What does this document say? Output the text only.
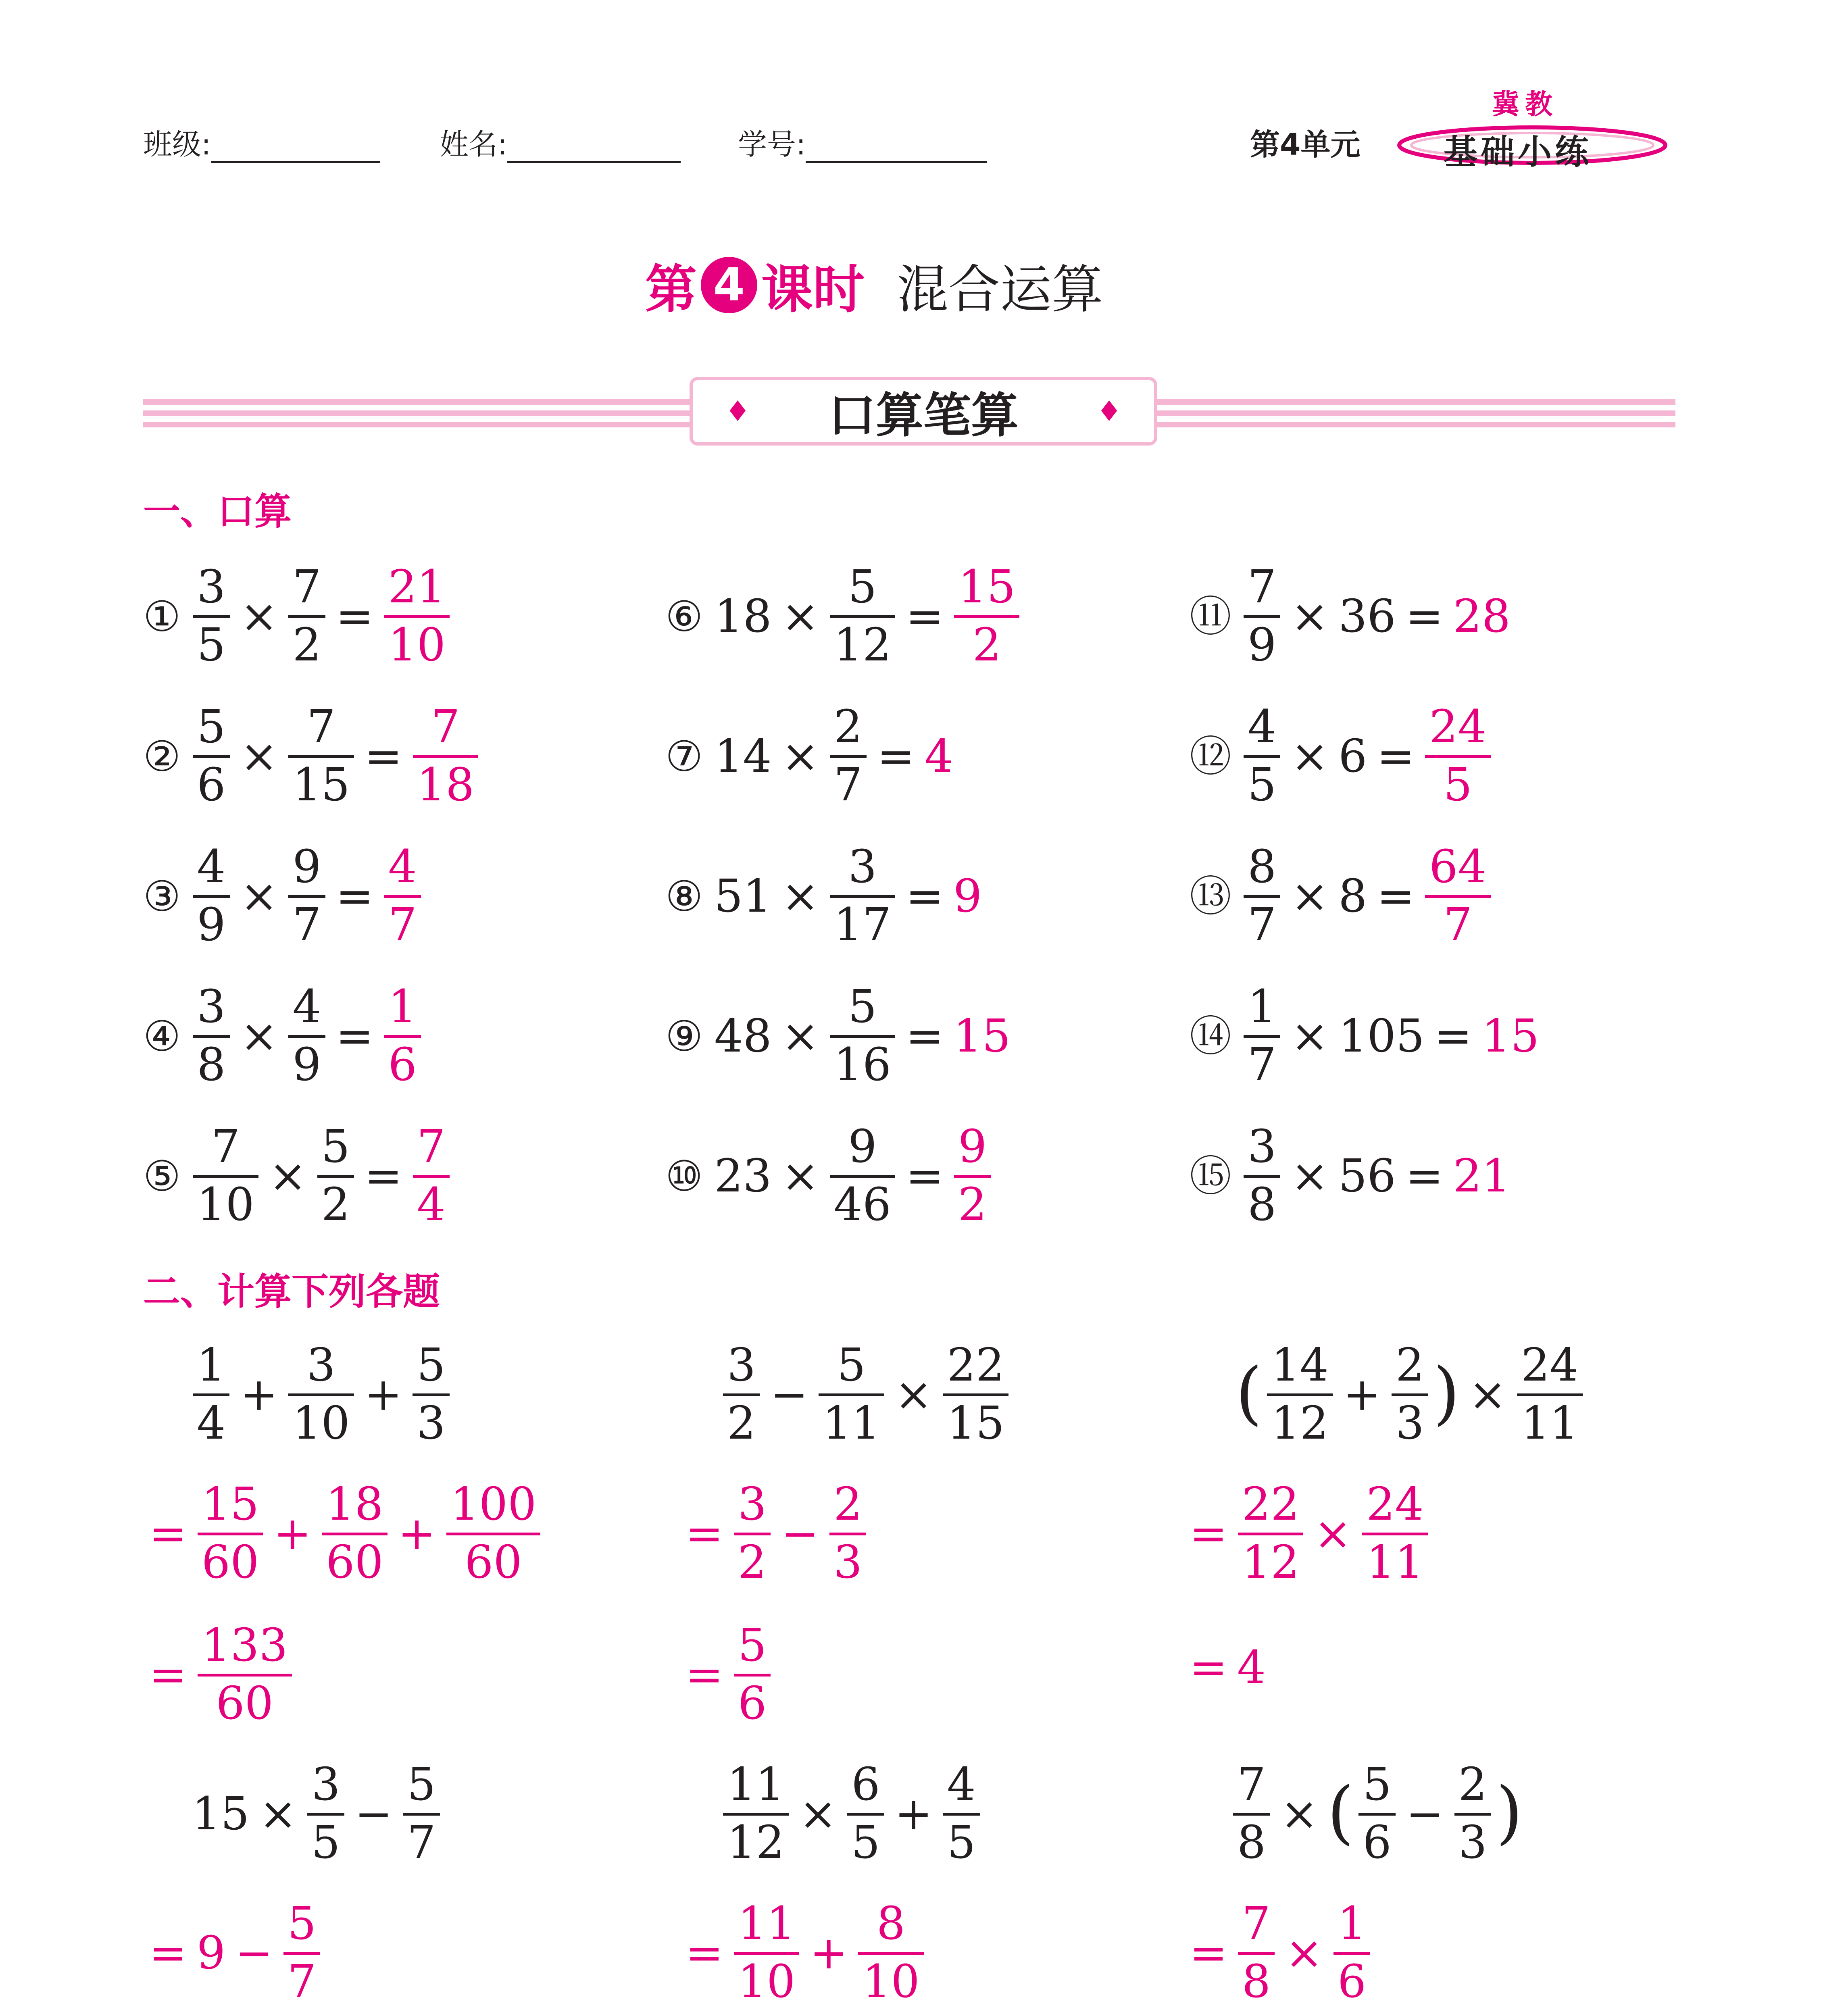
班级:	姓名:	学号:	第4单元
冀教
基础小练
第 4 课时 混合运算
♦ 口算笔算	♦
一、口算
①
3
5
×
7
2
=
21
10
②
5
6
×
7
15
=
7
18
③
4
9
×
9
7
=
4
7
④
3
8
×
4
9
=
1
6
⑤
7
10
×
5
2
=
7
4
⑥ 18 ×
5
12
=
15
2
⑦ 14 ×
2
7
= 4
⑧ 51 ×
3
17
= 9
⑨ 48 ×
5
16
= 15
⑩ 23 ×
9
46
=
9
2
⑪
7
9
× 36 = 28
⑫
4
5
× 6 =
24
5
⑬
8
7
× 8 =
64
7
⑭
1
7
× 105 = 15
⑮
3
8
× 56 = 21
二、计算下列各题
1
4
+
3
10
+
5
3
=
15
60
+
18
60
+
100
60
=
133
60
3
2
−
5
11
×
22
15
=
3
2
−
2
3
=
5
6
( 14
12
+
2
3 ) ×
24
11
=
22
12
×
24
11
= 4
15 ×
3
5
−
5
7
= 9 −
5
7
11
12
×
6
5
+
4
5
=
11
10
+
8
10
7
8
× ( 5
6
−
2
3 )
=
7
8
×
1
6
